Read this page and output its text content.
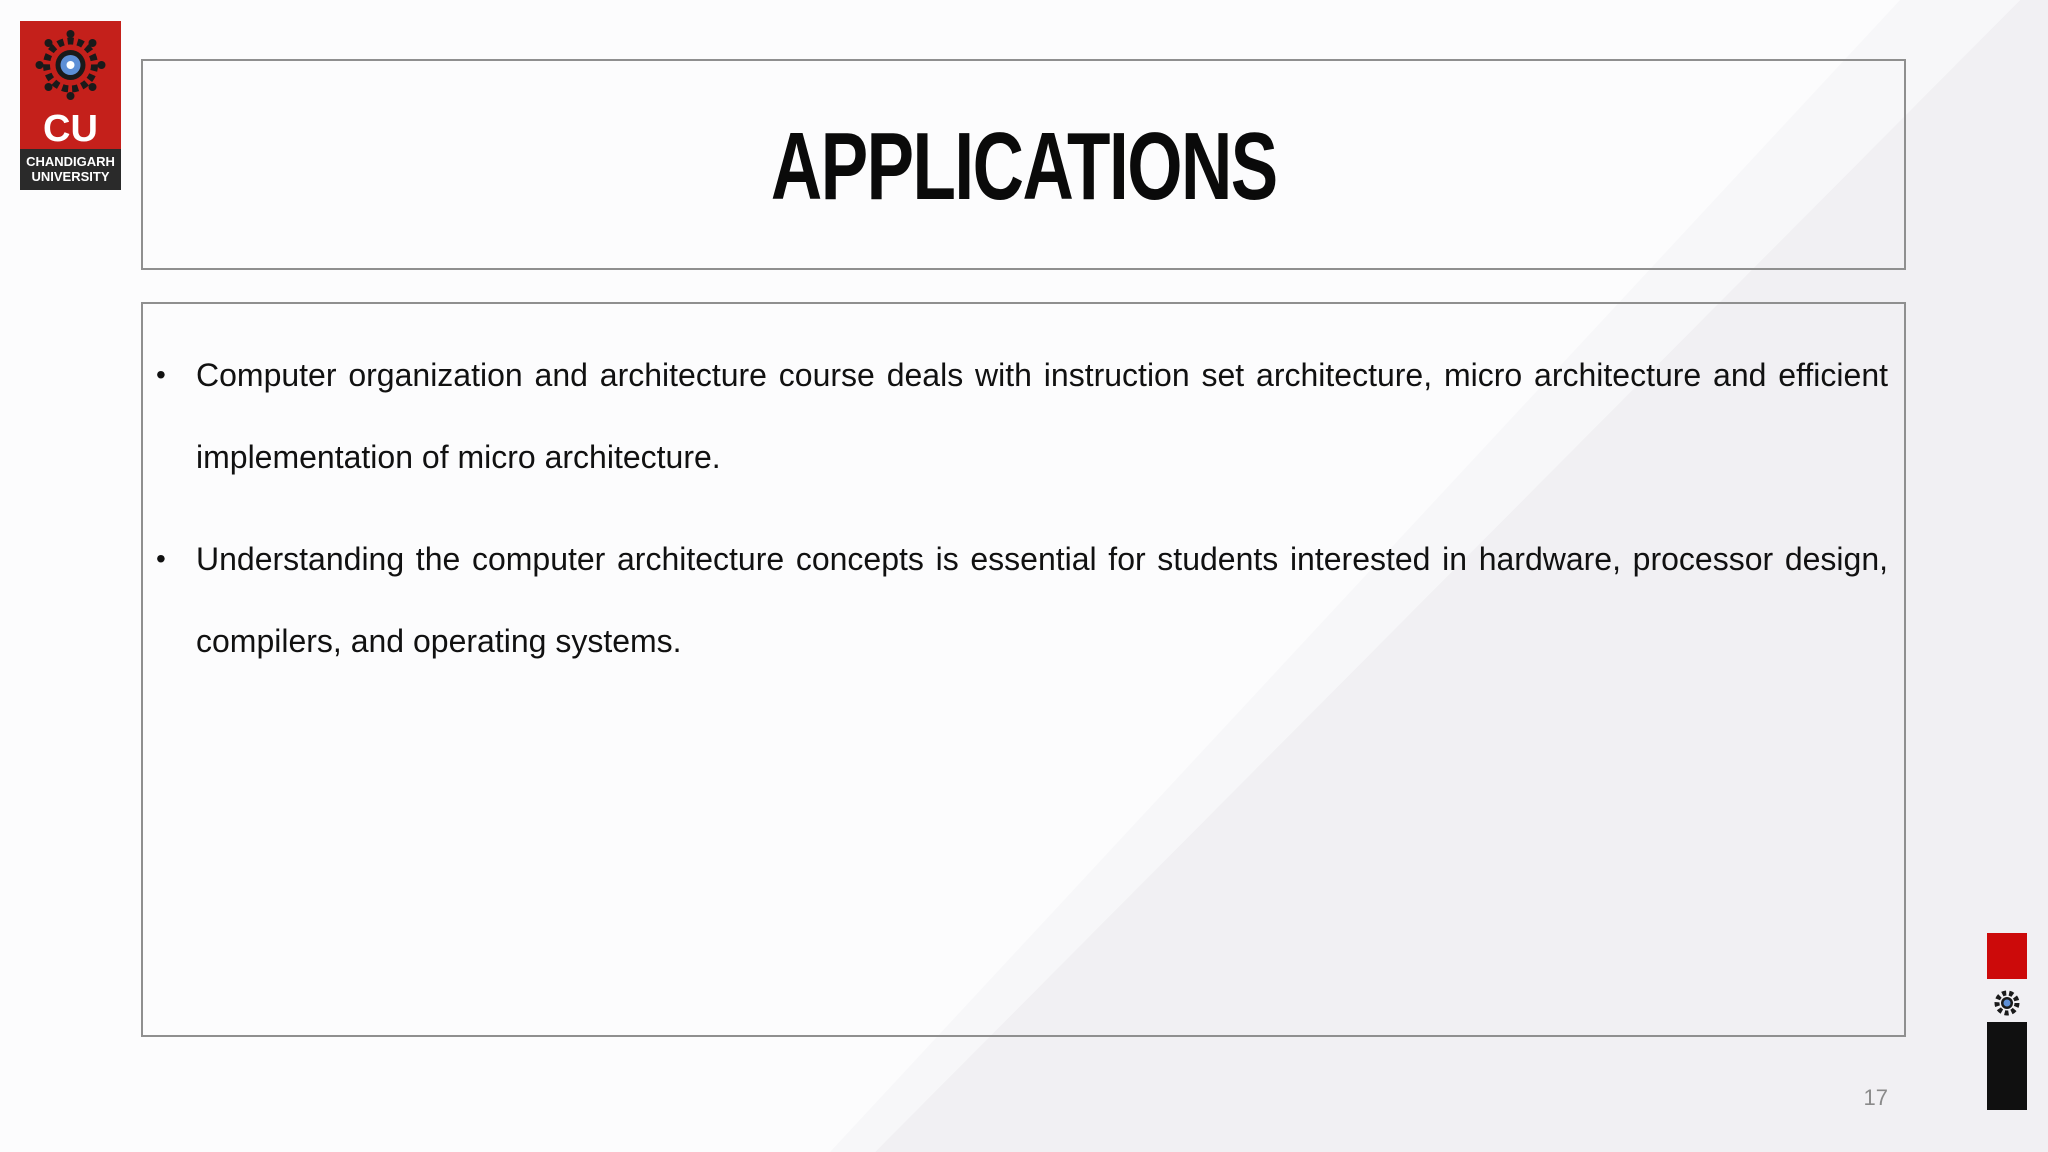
CU
CHANDIGARH
UNIVERSITY	APPLICATIONS
• Computer organization and architecture course deals with instruction set architecture, micro architecture and efficient implementation of micro architecture.
• Understanding the computer architecture concepts is essential for students interested in hardware, processor design, compilers, and operating systems.
17
